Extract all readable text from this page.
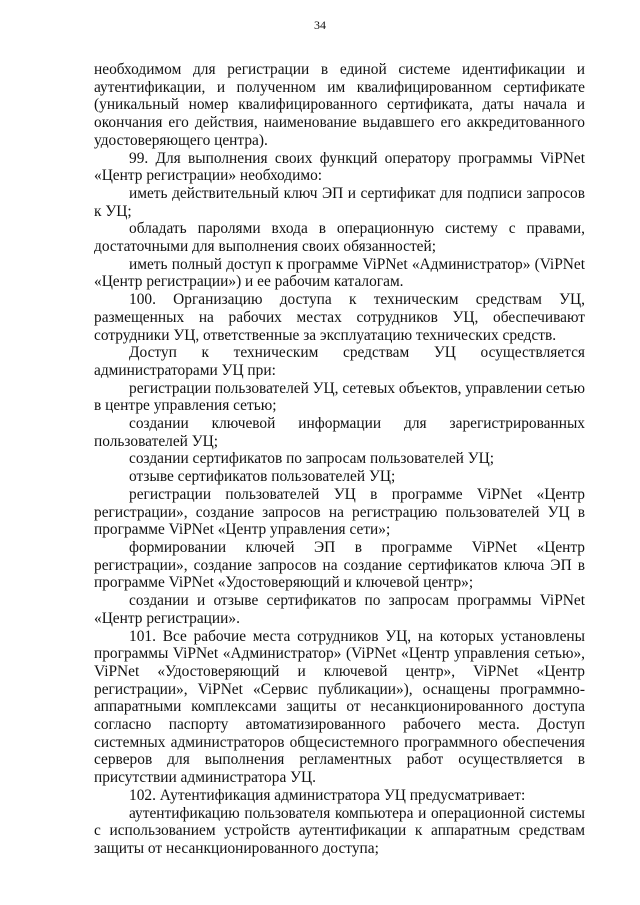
34

необходимом для регистрации в единой системе идентификации и аутентификации, и полученном им квалифицированном сертификате (уникальный номер квалифицированного сертификата, даты начала и окончания его действия, наименование выдавшего его аккредитованного удостоверяющего центра).

99. Для выполнения своих функций оператору программы ViPNet «Центр регистрации» необходимо:

иметь действительный ключ ЭП и сертификат для подписи запросов к УЦ;

обладать паролями входа в операционную систему с правами, достаточными для выполнения своих обязанностей;

иметь полный доступ к программе ViPNet «Администратор» (ViPNet «Центр регистрации») и ее рабочим каталогам.

100. Организацию доступа к техническим средствам УЦ, размещенных на рабочих местах сотрудников УЦ, обеспечивают сотрудники УЦ, ответственные за эксплуатацию технических средств.

Доступ к техническим средствам УЦ осуществляется администраторами УЦ при:

регистрации пользователей УЦ, сетевых объектов, управлении сетью в центре управления сетью;

создании ключевой информации для зарегистрированных пользователей УЦ;

создании сертификатов по запросам пользователей УЦ;

отзыве сертификатов пользователей УЦ;

регистрации пользователей УЦ в программе ViPNet «Центр регистрации», создание запросов на регистрацию пользователей УЦ в программе ViPNet «Центр управления сети»;

формировании ключей ЭП в программе ViPNet «Центр регистрации», создание запросов на создание сертификатов ключа ЭП в программе ViPNet «Удостоверяющий и ключевой центр»;

создании и отзыве сертификатов по запросам программы ViPNet «Центр регистрации».

101. Все рабочие места сотрудников УЦ, на которых установлены программы ViPNet «Администратор» (ViPNet «Центр управления сетью», ViPNet «Удостоверяющий и ключевой центр», ViPNet «Центр регистрации», ViPNet «Сервис публикации»), оснащены программно-аппаратными комплексами защиты от несанкционированного доступа согласно паспорту автоматизированного рабочего места. Доступ системных администраторов общесистемного программного обеспечения серверов для выполнения регламентных работ осуществляется в присутствии администратора УЦ.

102. Аутентификация администратора УЦ предусматривает:

аутентификацию пользователя компьютера и операционной системы с использованием устройств аутентификации к аппаратным средствам защиты от несанкционированного доступа;
